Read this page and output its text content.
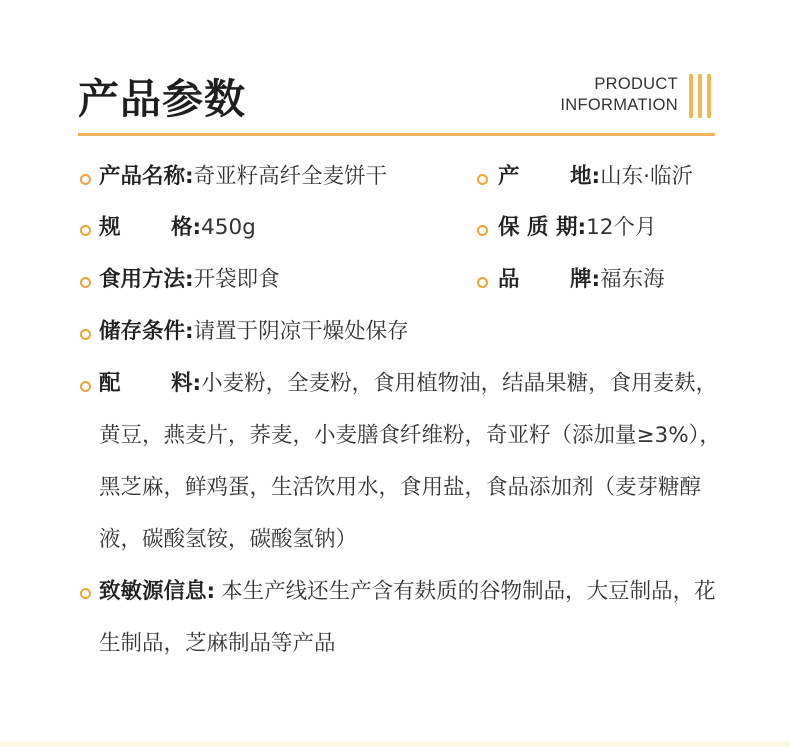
产品参数	PRODUCT
INFORMATION
产品名称:奇亚籽高纤全麦饼干	产 地:山东·临沂
规 格:450g	保 质 期:12个月
食用方法:开袋即食	品 牌:福东海
储存条件:请置于阴凉干燥处保存
配 料:小麦粉，全麦粉，食用植物油，结晶果糖，食用麦麸，黄豆，燕麦片，荞麦，小麦膳食纤维粉，奇亚籽（添加量≥3%），黑芝麻，鲜鸡蛋，生活饮用水，食用盐，食品添加剂（麦芽糖醇液，碳酸氢铵，碳酸氢钠）
致敏源信息: 本生产线还生产含有麸质的谷物制品，大豆制品，花生制品，芝麻制品等产品
